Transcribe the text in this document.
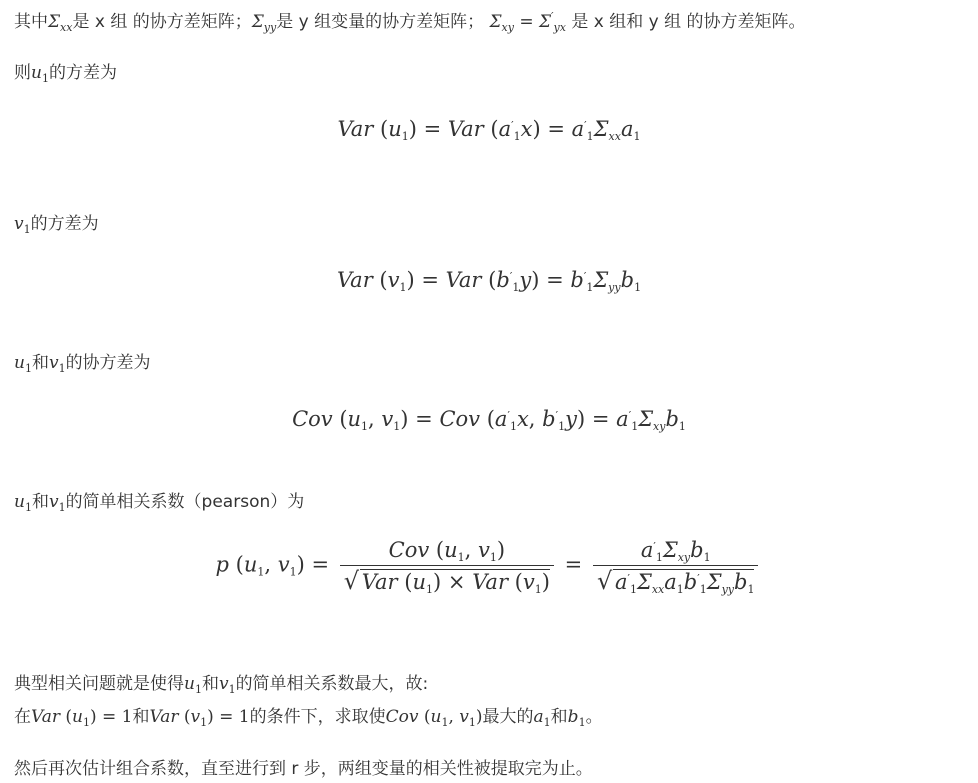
其中$\Sigma_{xx}$是 x 组 的协方差矩阵；$\Sigma_{yy}$是 y 组变量的协方差矩阵； $\Sigma_{xy} = \Sigma'_{yx}$ 是 x 组和 y 组 的协方差矩阵。
则$u_1$的方差为
Var $(u_1)$ = Var $(a'_1x) = a'_1\Sigma_{xx}a_1$
$v_1$的方差为
Var $(v_1)$ = Var $(b'_1y) = b'_1\Sigma_{yy}b_1$
$u_1$和$v_1$的协方差为
Cov ($u_1$, $v_1$) = Cov ($a'_1x$, $b'_1y) = a'_1\Sigma_{xy}b_1$
$u_1$和$v_1$的简单相关系数（pearson）为
p ($u_1$, $v_1) = \frac{Cov (u_1, v_1)}{√ Var (u_1) \times Var (v_1)} = \frac{a'_1\Sigma_{xy}b_1}{√ a'_1\Sigma_{xx}a_1b'_1\Sigma_{yy}b_1}$
典型相关问题就是使得$u_1$和$v_1$的简单相关系数最大，故:
在Var $(u_1) = 1$和Var $(v_1) = 1$的条件下，求取使Cov ($u_1$, $v_1$)最大的$a_1$和$b_1$。
然后再次估计组合系数，直至进行到 r 步，两组变量的相关性被提取完为止。
